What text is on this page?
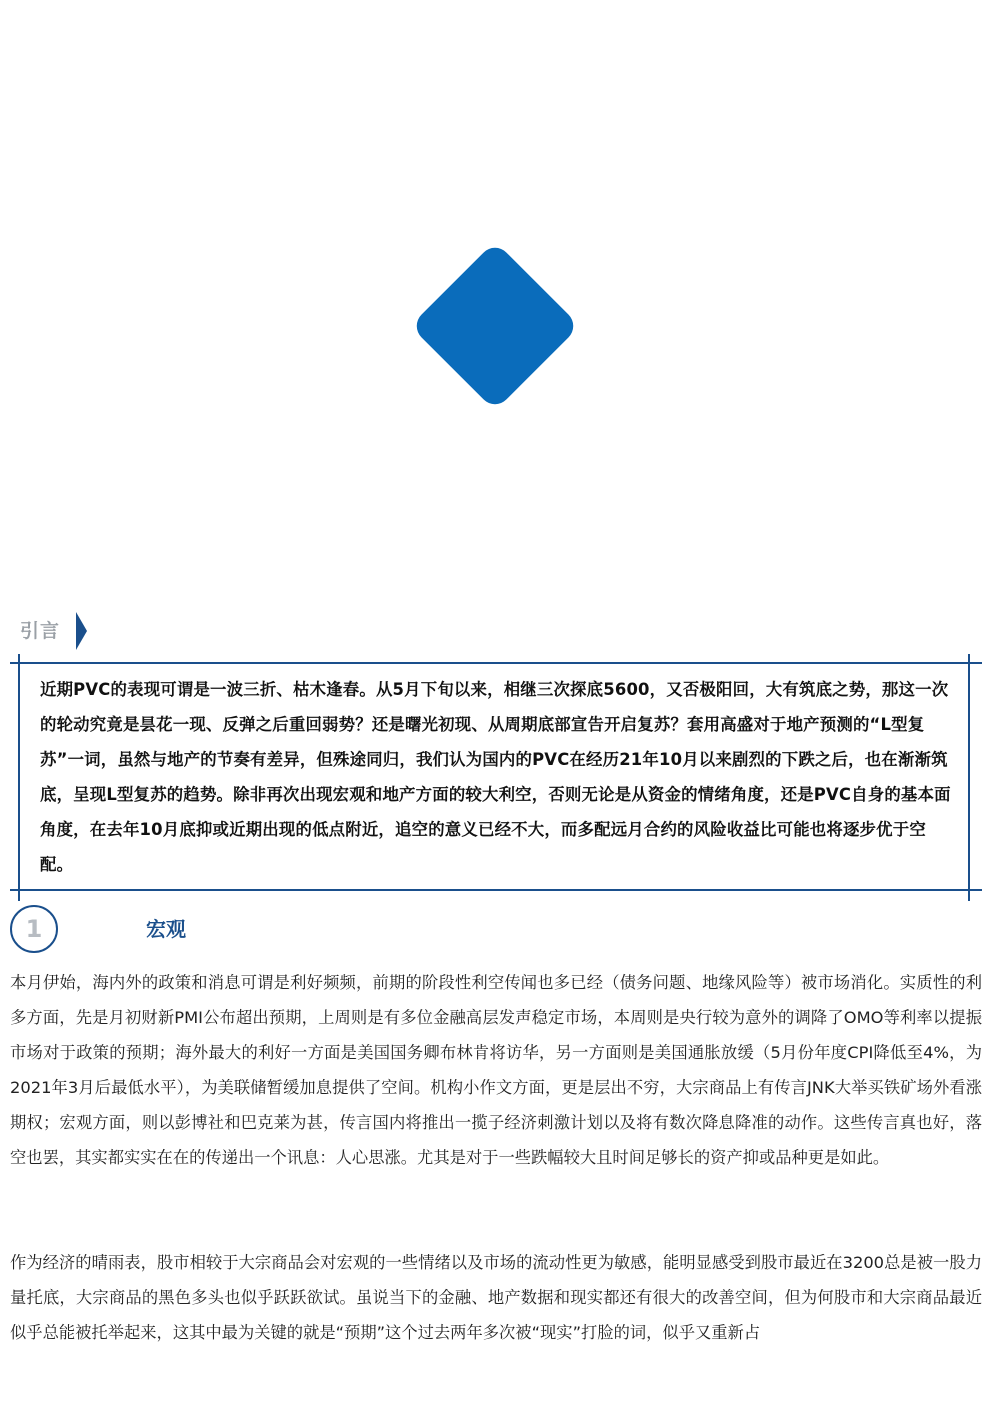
引言
近期PVC的表现可谓是一波三折、枯木逢春。从5月下旬以来，相继三次探底5600，又否极阳回，大有筑底之势，那这一次的轮动究竟是昙花一现、反弹之后重回弱势？还是曙光初现、从周期底部宣告开启复苏？套用高盛对于地产预测的“L型复苏”一词，虽然与地产的节奏有差异，但殊途同归，我们认为国内的PVC在经历21年10月以来剧烈的下跌之后，也在渐渐筑底，呈现L型复苏的趋势。除非再次出现宏观和地产方面的较大利空，否则无论是从资金的情绪角度，还是PVC自身的基本面角度，在去年10月底抑或近期出现的低点附近，追空的意义已经不大，而多配远月合约的风险收益比可能也将逐步优于空配。
1	宏观
本月伊始，海内外的政策和消息可谓是利好频频，前期的阶段性利空传闻也多已经（债务问题、地缘风险等）被市场消化。实质性的利多方面，先是月初财新PMI公布超出预期，上周则是有多位金融高层发声稳定市场，本周则是央行较为意外的调降了OMO等利率以提振市场对于政策的预期；海外最大的利好一方面是美国国务卿布林肯将访华，另一方面则是美国通胀放缓（5月份年度CPI降低至4%，为2021年3月后最低水平），为美联储暂缓加息提供了空间。机构小作文方面，更是层出不穷，大宗商品上有传言JNK大举买铁矿场外看涨期权；宏观方面，则以彭博社和巴克莱为甚，传言国内将推出一揽子经济刺激计划以及将有数次降息降准的动作。这些传言真也好，落空也罢，其实都实实在在的传递出一个讯息：人心思涨。尤其是对于一些跌幅较大且时间足够长的资产抑或品种更是如此。
作为经济的晴雨表，股市相较于大宗商品会对宏观的一些情绪以及市场的流动性更为敏感，能明显感受到股市最近在3200总是被一股力量托底，大宗商品的黑色多头也似乎跃跃欲试。虽说当下的金融、地产数据和现实都还有很大的改善空间，但为何股市和大宗商品最近似乎总能被托举起来，这其中最为关键的就是“预期”这个过去两年多次被“现实”打脸的词，似乎又重新占
